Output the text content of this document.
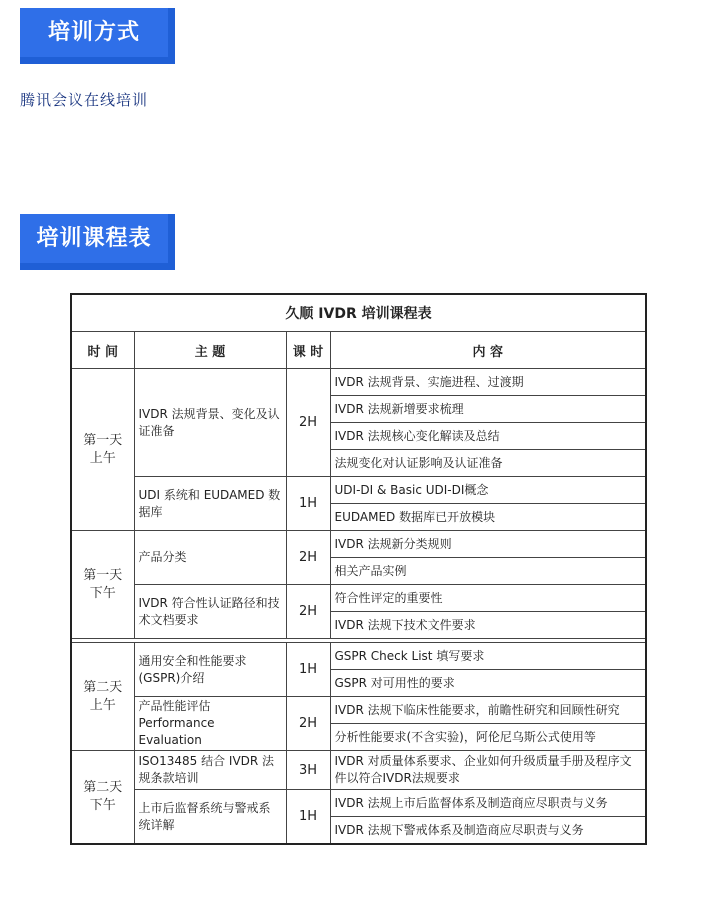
培训方式
腾讯会议在线培训
培训课程表
久顺 IVDR 培训课程表			
时 间	主 题	课 时	内 容
第一天
上午	IVDR 法规背景、变化及认证准备	2H	IVDR 法规背景、实施进程、过渡期
			IVDR 法规新增要求梳理
			IVDR 法规核心变化解读及总结
			法规变化对认证影响及认证准备
	UDI 系统和 EUDAMED 数据库	1H	UDI-DI & Basic UDI-DI概念
			EUDAMED 数据库已开放模块
第一天
下午	产品分类	2H	IVDR 法规新分类规则
			相关产品实例
	IVDR 符合性认证路径和技术文档要求	2H	符合性评定的重要性
			IVDR 法规下技术文件要求

第二天
上午	通用安全和性能要求(GSPR)介绍	1H	GSPR Check List 填写要求
			GSPR 对可用性的要求
	产品性能评估 Performance Evaluation	2H	IVDR 法规下临床性能要求，前瞻性研究和回顾性研究
			分析性能要求(不含实验)，阿伦尼乌斯公式使用等
第二天
下午	ISO13485 结合 IVDR 法规条款培训	3H	IVDR 对质量体系要求、企业如何升级质量手册及程序文件以符合IVDR法规要求
	上市后监督系统与警戒系统详解	1H	IVDR 法规上市后监督体系及制造商应尽职责与义务
			IVDR 法规下警戒体系及制造商应尽职责与义务
